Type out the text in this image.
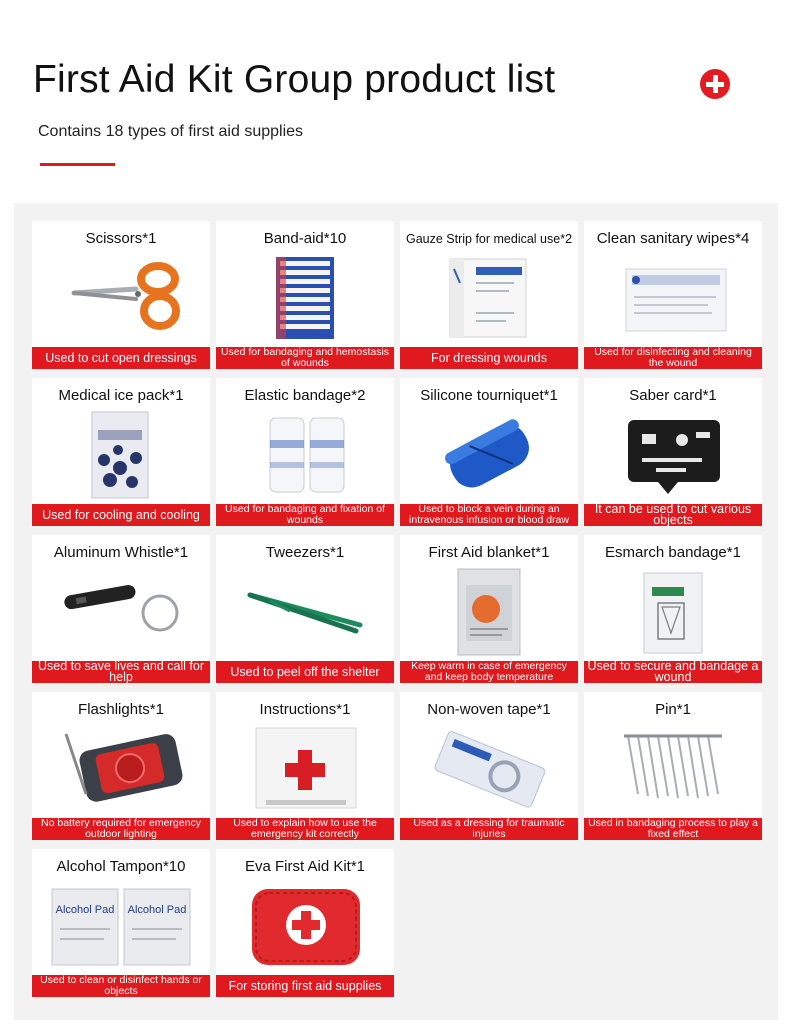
First Aid Kit Group product list

Contains 18 types of first aid supplies

Scissors*1
Used to cut open dressings
Band-aid*10
Used for bandaging and hemostasis of wounds
Gauze Strip for medical use*2
For dressing wounds
Clean sanitary wipes*4
Used for disinfecting and cleaning the wound
Medical ice pack*1
Used for cooling and cooling
Elastic bandage*2
Used for bandaging and fixation of wounds
Silicone tourniquet*1
Used to block a vein during an intravenous infusion or blood draw
Saber card*1
It can be used to cut various objects
Aluminum Whistle*1
Used to save lives and call for help
Tweezers*1
Used to peel off the shelter
First Aid blanket*1
Keep warm in case of emergency and keep body temperature
Esmarch bandage*1
Used to secure and bandage a wound
Flashlights*1
No battery required for emergency outdoor lighting
Instructions*1
Used to explain how to use the emergency kit correctly
Non-woven tape*1
Used as a dressing for traumatic injuries
Pin*1
Used in bandaging process to play a fixed effect
Alcohol Tampon*10
Alcohol Pad Alcohol Pad
Used to clean or disinfect hands or objects
Eva First Aid Kit*1
For storing first aid supplies
